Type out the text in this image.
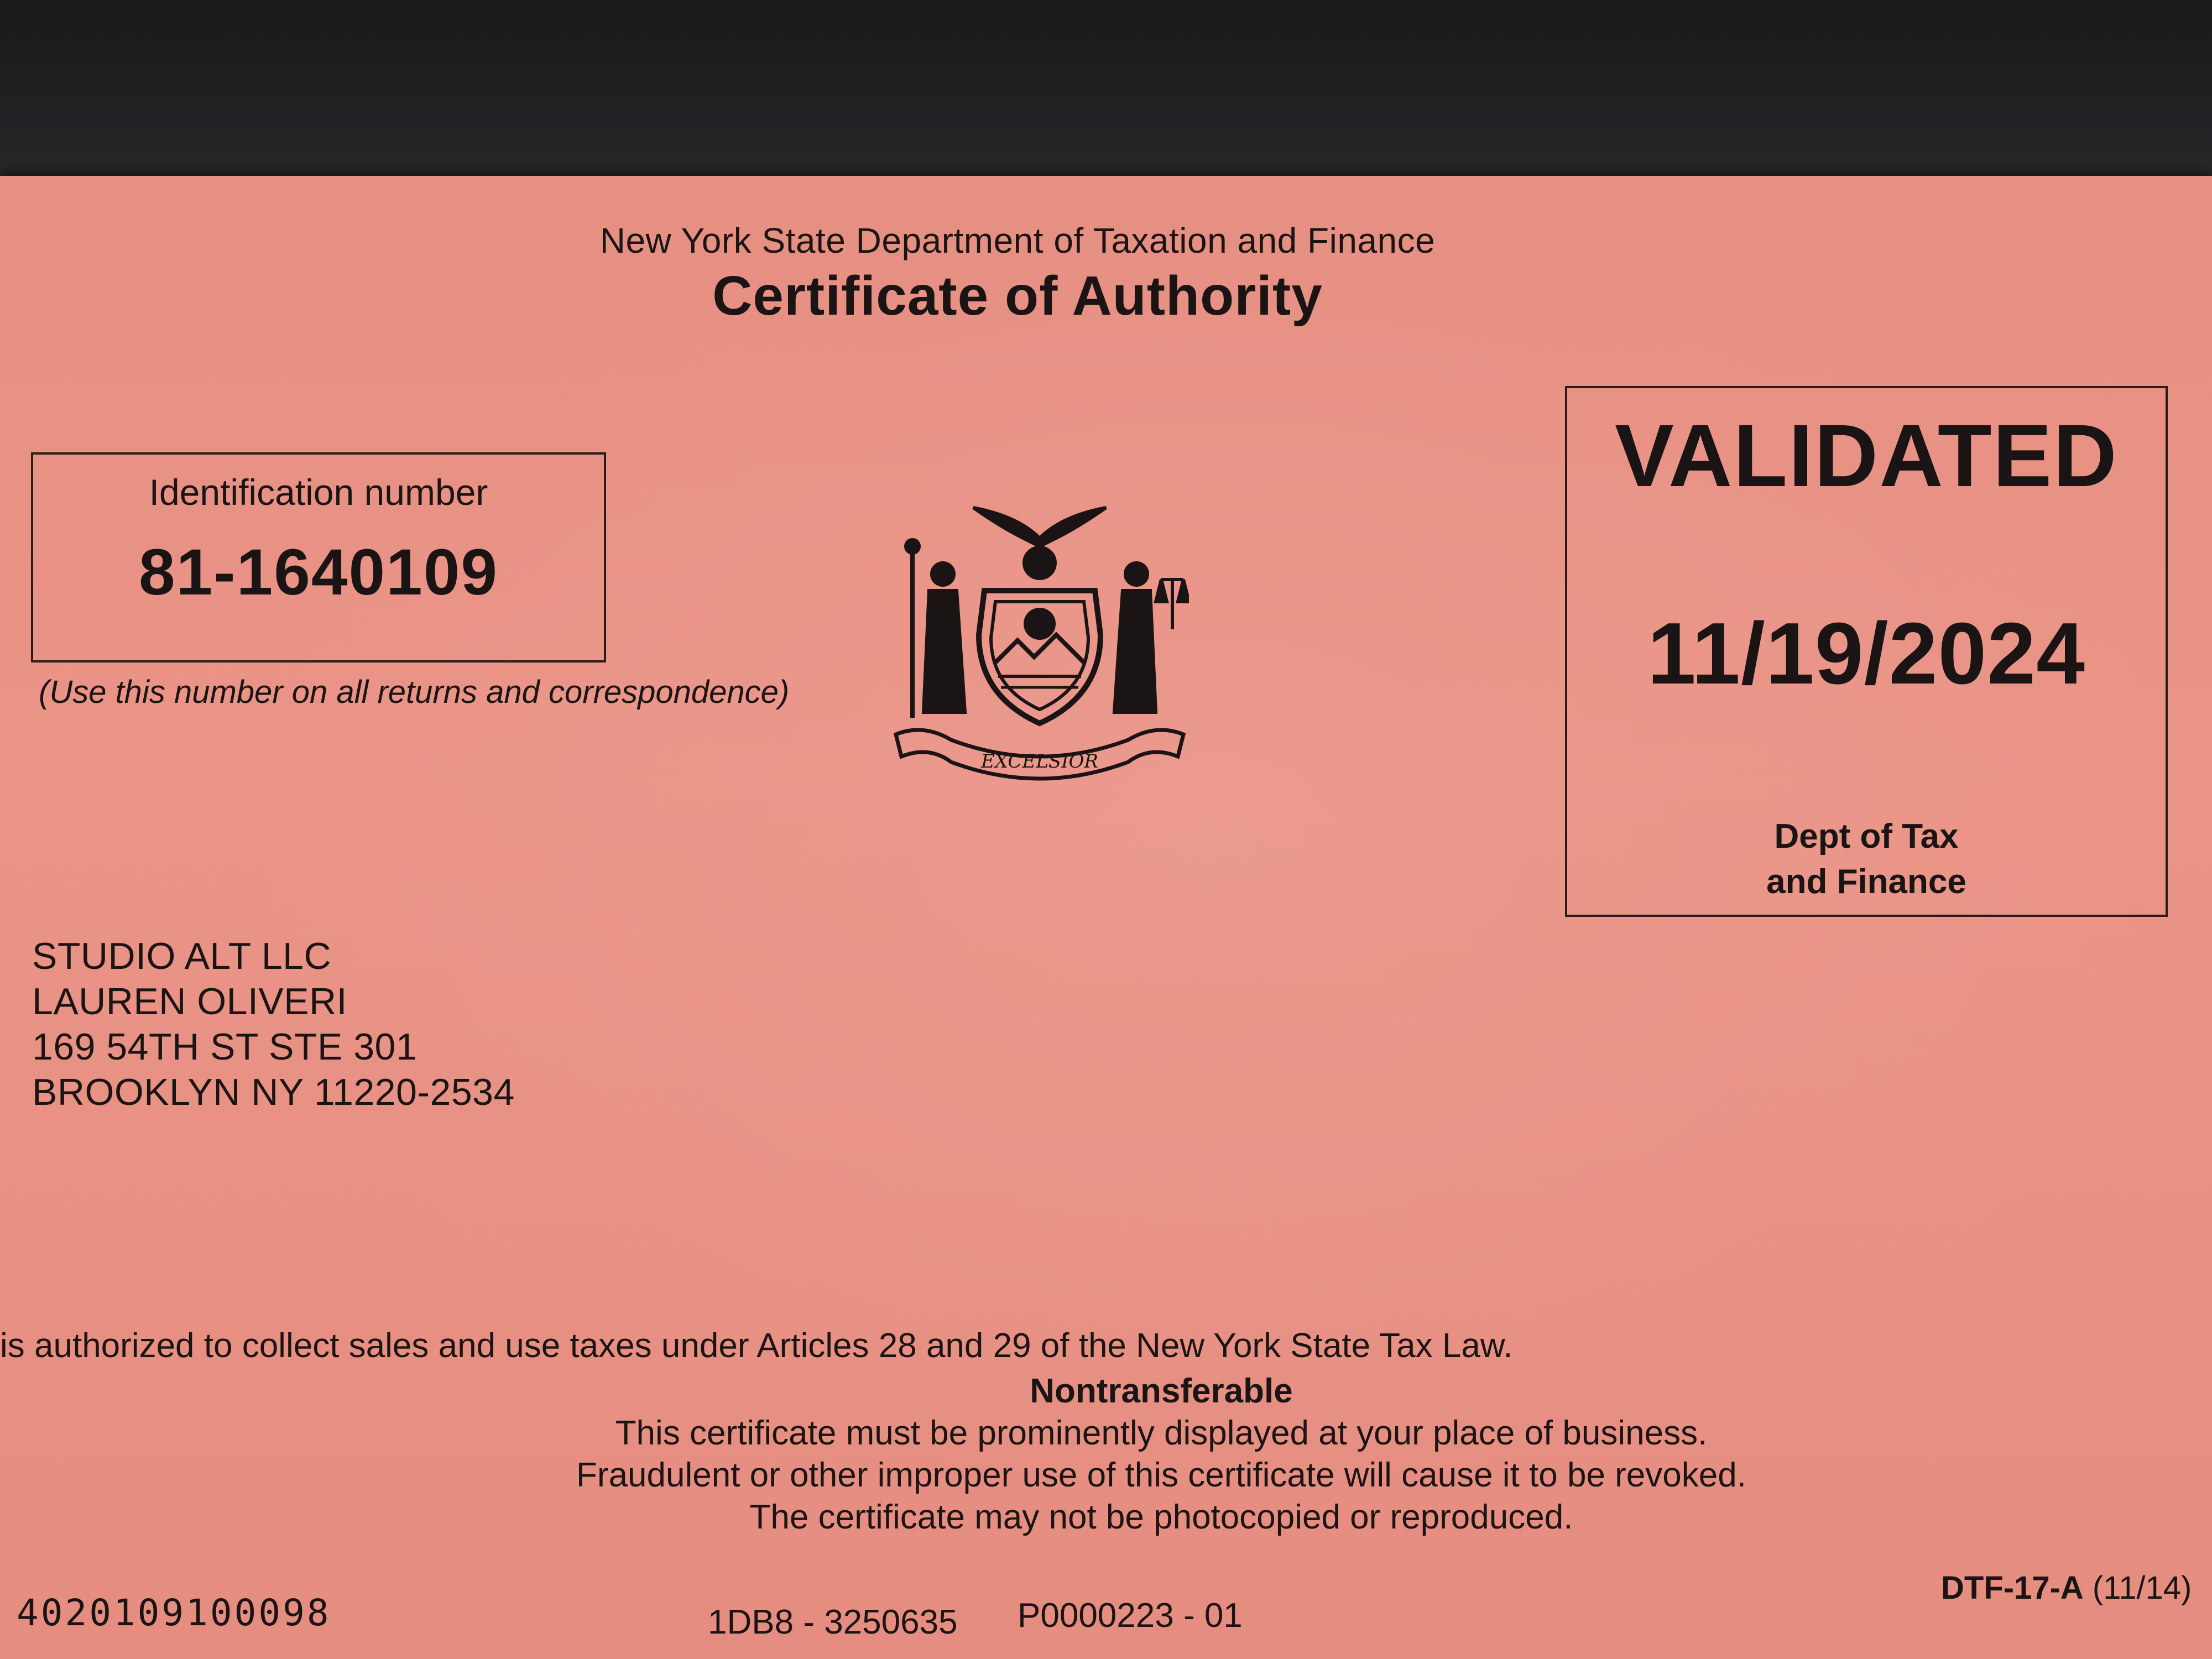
New York State Department of Taxation and Finance
Certificate of Authority
Identification number
81-1640109
(Use this number on all returns and correspondence)
EXCELSIOR
VALIDATED
11/19/2024
Dept of Tax
and Finance
STUDIO ALT LLC
LAUREN OLIVERI
169 54TH ST STE 301
BROOKLYN NY 11220-2534
is authorized to collect sales and use taxes under Articles 28 and 29 of the New York State Tax Law.
Nontransferable
This certificate must be prominently displayed at your place of business.
Fraudulent or other improper use of this certificate will cause it to be revoked.
The certificate may not be photocopied or reproduced.
4020109100098	1DB8 - 3250635 P0000223 - 01
DTF-17-A (11/14)
